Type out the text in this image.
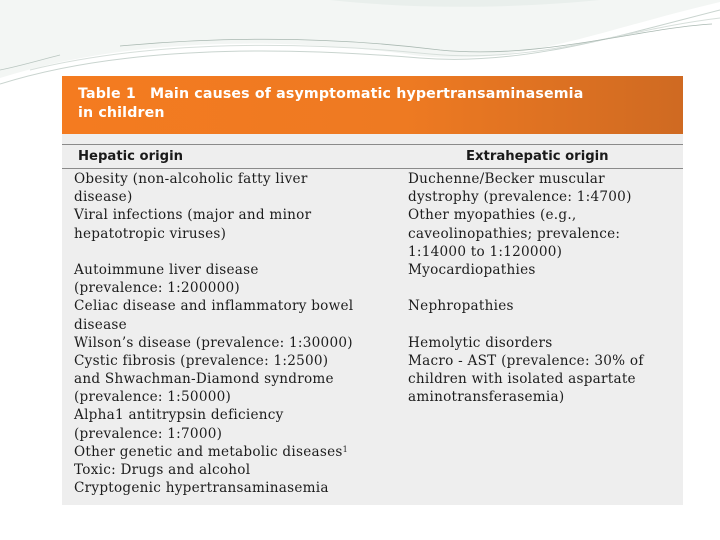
Table 1 Main causes of asymptomatic hypertransaminasemia
in children
Hepatic origin	Extrahepatic origin
Obesity (non-alcoholic fatty liver
disease)
Viral infections (major and minor
hepatotropic viruses)
Autoimmune liver disease
(prevalence: 1:200000)
Celiac disease and inflammatory bowel
disease
Wilson’s disease (prevalence: 1:30000)
Cystic fibrosis (prevalence: 1:2500)
and Shwachman-Diamond syndrome
(prevalence: 1:50000)
Alpha1 antitrypsin deficiency
(prevalence: 1:7000)
Other genetic and metabolic diseases$^1$
Toxic: Drugs and alcohol
Cryptogenic hypertransaminasemia
Duchenne/Becker muscular
dystrophy (prevalence: 1:4700)
Other myopathies (e.g.,
caveolinopathies; prevalence:
1:14000 to 1:120000)
Myocardiopathies
Nephropathies
Hemolytic disorders
Macro - AST (prevalence: 30% of
children with isolated aspartate
aminotransferasemia)
